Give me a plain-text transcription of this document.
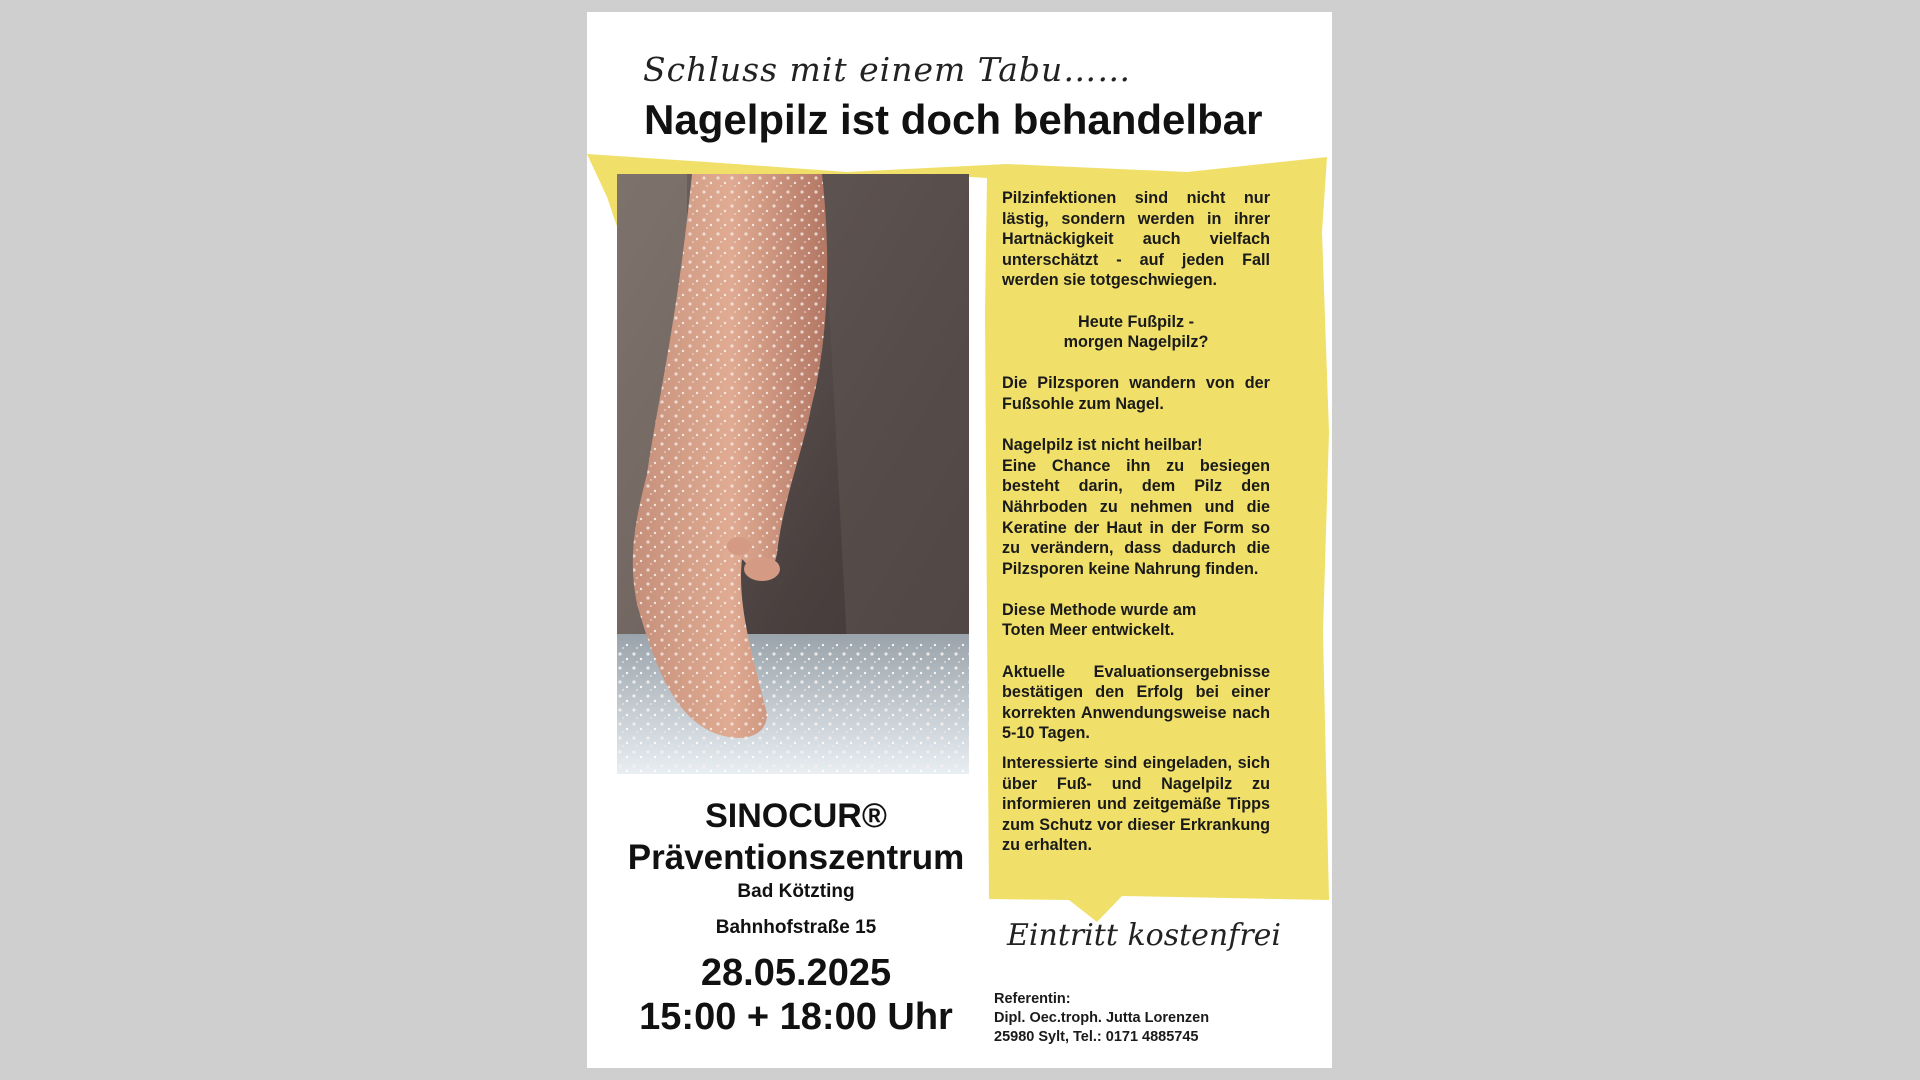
Schluss mit einem Tabu……
Nagelpilz ist doch behandelbar

Pilzinfektionen sind nicht nur lästig, sondern werden in ihrer Hartnäckigkeit auch vielfach unterschätzt - auf jeden Fall werden sie totgeschwiegen.

Heute Fußpilz -
morgen Nagelpilz?

Die Pilzsporen wandern von der Fußsohle zum Nagel.

Nagelpilz ist nicht heilbar!
Eine Chance ihn zu besiegen besteht darin, dem Pilz den Nährboden zu nehmen und die Keratine der Haut in der Form so zu verändern, dass dadurch die Pilzsporen keine Nahrung finden.

Diese Methode wurde am
Toten Meer entwickelt.

Aktuelle Evaluationsergebnisse bestätigen den Erfolg bei einer korrekten Anwendungsweise nach 5-10 Tagen.

Interessierte sind eingeladen, sich über Fuß- und Nagelpilz zu informieren und zeitgemäße Tipps zum Schutz vor dieser Erkrankung zu erhalten.

Eintritt kostenfrei
SINOCUR®
Präventionszentrum
Bad Kötzting
Bahnhofstraße 15
28.05.2025
15:00 + 18:00 Uhr	Referentin:
Dipl. Oec.troph. Jutta Lorenzen
25980 Sylt, Tel.: 0171 4885745
